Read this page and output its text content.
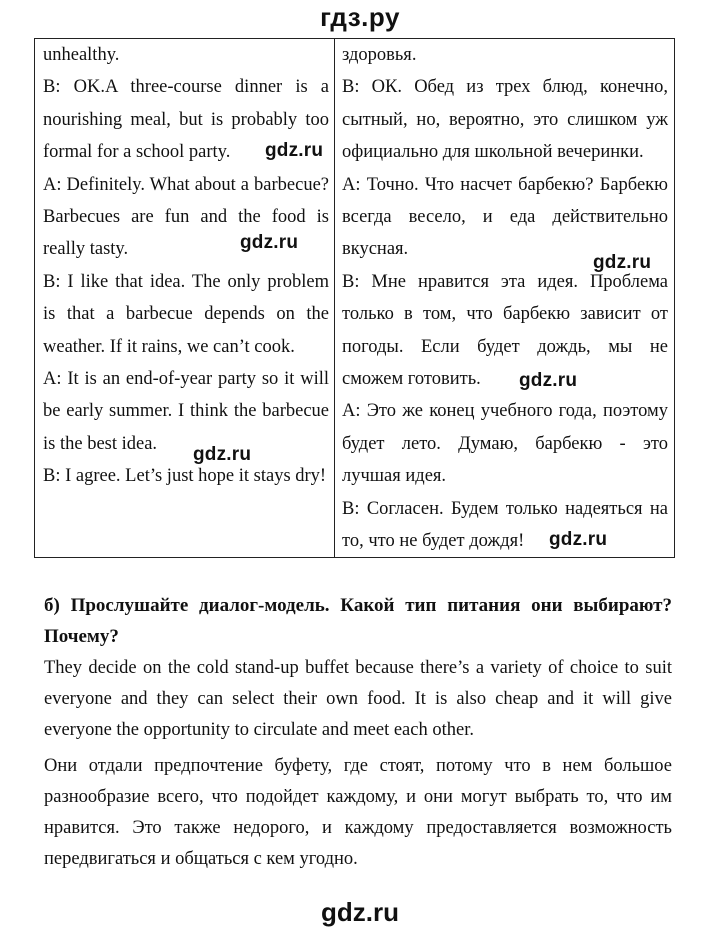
гдз.ру

unhealthy.

B: OK.A three-course dinner is a nourishing meal, but is probably too formal for a school party.

A: Definitely. What about a barbecue? Barbecues are fun and the food is really tasty.

B: I like that idea. The only problem is that a barbecue depends on the weather. If it rains, we can’t cook.

A: It is an end-of-year party so it will be early summer. I think the barbecue is the best idea.

B: I agree. Let’s just hope it stays dry!

здоровья.

B: ОК. Обед из трех блюд, конечно, сытный, но, вероятно, это слишком уж официально для школьной вечеринки.

A: Точно. Что насчет барбекю? Барбекю всегда весело, и еда действительно вкусная.

B: Мне нравится эта идея. Проблема только в том, что барбекю зависит от погоды. Если будет дождь, мы не сможем готовить.

A: Это же конец учебного года, поэтому будет лето. Думаю, барбекю - это лучшая идея.

B: Согласен. Будем только надеяться на то, что не будет дождя!

gdz.ru
gdz.ru
gdz.ru
gdz.ru
gdz.ru
gdz.ru

б) Прослушайте диалог-модель. Какой тип питания они выбирают? Почему?

They decide on the cold stand-up buffet because there’s a variety of choice to suit everyone and they can select their own food. It is also cheap and it will give everyone the opportunity to circulate and meet each other.

Они отдали предпочтение буфету, где стоят, потому что в нем большое разнообразие всего, что подойдет каждому, и они могут выбрать то, что им нравится. Это также недорого, и каждому предоставляется возможность передвигаться и общаться с кем угодно.

gdz.ru
